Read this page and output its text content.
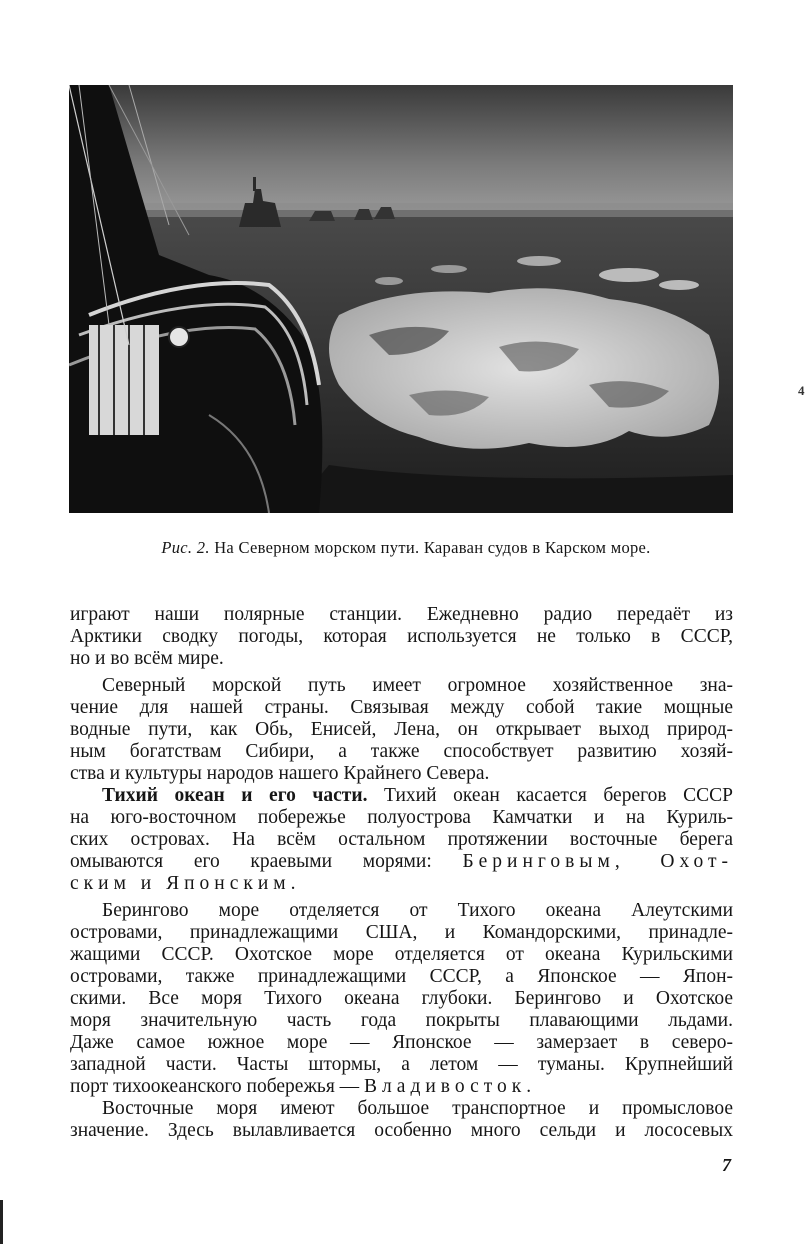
Рис. 2. На Северном морском пути. Караван судов в Карском море.
играют наши полярные станции. Ежедневно радио передаёт из
Арктики сводку погоды, которая используется не только в СССР,
но и во всём мире.
Северный морской путь имеет огромное хозяйственное зна-
чение для нашей страны. Связывая между собой такие мощные
водные пути, как Обь, Енисей, Лена, он открывает выход природ-
ным богатствам Сибири, а также способствует развитию хозяй-
ства и культуры народов нашего Крайнего Севера.
Тихий океан и его части. Тихий океан касается берегов СССР
на юго-восточном побережье полуострова Камчатки и на Куриль-
ских островах. На всём остальном протяжении восточные берега
омываются его краевыми морями: Беринговым, Охот-
ским и Японским.
Берингово море отделяется от Тихого океана Алеутскими
островами, принадлежащими США, и Командорскими, принадле-
жащими СССР. Охотское море отделяется от океана Курильскими
островами, также принадлежащими СССР, а Японское — Япон-
скими. Все моря Тихого океана глубоки. Берингово и Охотское
моря значительную часть года покрыты плавающими льдами.
Даже самое южное море — Японское — замерзает в северо-
западной части. Часты штормы, а летом — туманы. Крупнейший
порт тихоокеанского побережья — Владивосток.
Восточные моря имеют большое транспортное и промысловое
значение. Здесь вылавливается особенно много сельди и лососевых
7
4
